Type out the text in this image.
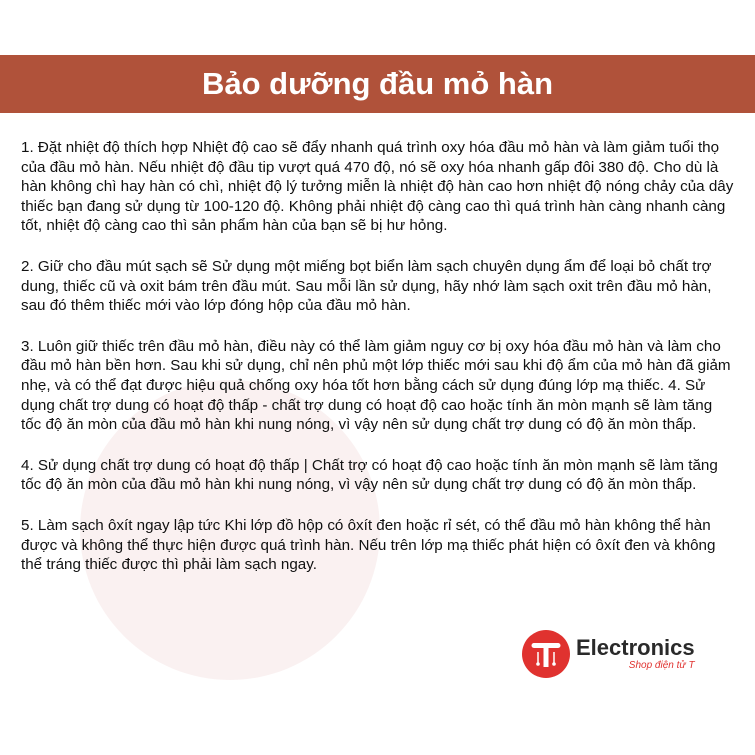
Bảo dưỡng đầu mỏ hàn

1. Đặt nhiệt độ thích hợp Nhiệt độ cao sẽ đẩy nhanh quá trình oxy hóa đầu mỏ hàn và làm giảm tuổi thọ của đầu mỏ hàn. Nếu nhiệt độ đầu tip vượt quá 470 độ, nó sẽ oxy hóa nhanh gấp đôi 380 độ. Cho dù là hàn không chì hay hàn có chì, nhiệt độ lý tưởng miễn là nhiệt độ hàn cao hơn nhiệt độ nóng chảy của dây thiếc bạn đang sử dụng từ 100-120 độ. Không phải nhiệt độ càng cao thì quá trình hàn càng nhanh càng tốt, nhiệt độ càng cao thì sản phẩm hàn của bạn sẽ bị hư hỏng.

2. Giữ cho đầu mút sạch sẽ Sử dụng một miếng bọt biển làm sạch chuyên dụng ẩm để loại bỏ chất trợ dung, thiếc cũ và oxit bám trên đầu mút. Sau mỗi lần sử dụng, hãy nhớ làm sạch oxit trên đầu mỏ hàn, sau đó thêm thiếc mới vào lớp đóng hộp của đầu mỏ hàn.

3. Luôn giữ thiếc trên đầu mỏ hàn, điều này có thể làm giảm nguy cơ bị oxy hóa đầu mỏ hàn và làm cho đầu mỏ hàn bền hơn. Sau khi sử dụng, chỉ nên phủ một lớp thiếc mới sau khi độ ẩm của mỏ hàn đã giảm nhẹ, và có thể đạt được hiệu quả chống oxy hóa tốt hơn bằng cách sử dụng đúng lớp mạ thiếc. 4. Sử dụng chất trợ dung có hoạt độ thấp - chất trợ dung có hoạt độ cao hoặc tính ăn mòn mạnh sẽ làm tăng tốc độ ăn mòn của đầu mỏ hàn khi nung nóng, vì vậy nên sử dụng chất trợ dung có độ ăn mòn thấp.

4. Sử dụng chất trợ dung có hoạt độ thấp | Chất trợ có hoạt độ cao hoặc tính ăn mòn mạnh sẽ làm tăng tốc độ ăn mòn của đầu mỏ hàn khi nung nóng, vì vậy nên sử dụng chất trợ dung có độ ăn mòn thấp.

5. Làm sạch ôxít ngay lập tức Khi lớp đồ hộp có ôxít đen hoặc rỉ sét, có thể đầu mỏ hàn không thể hàn được và không thể thực hiện được quá trình hàn. Nếu trên lớp mạ thiếc phát hiện có ôxít đen và không thể tráng thiếc được thì phải làm sạch ngay.

Electronics
Shop điện tử T
